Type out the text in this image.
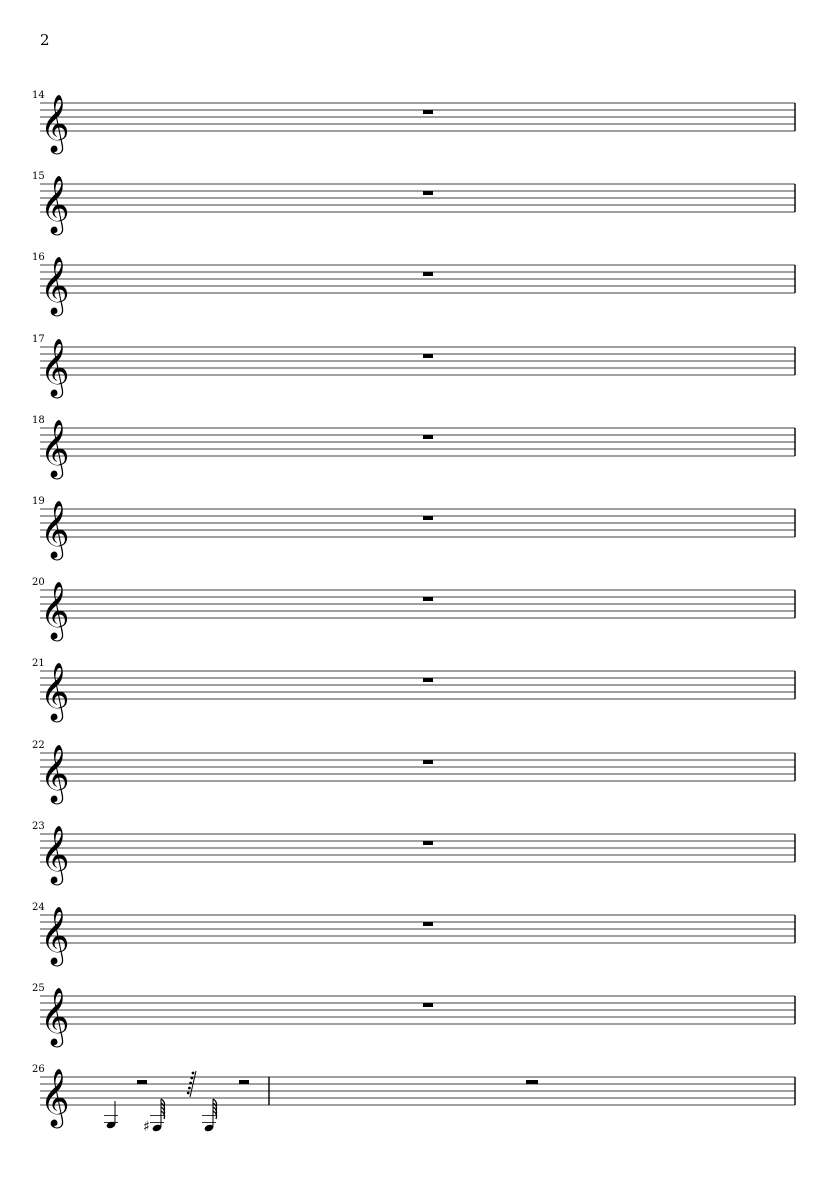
2
14
𝄞
15
𝄞
16
𝄞
17
𝄞
18
𝄞
19
𝄞
20
𝄞
21
𝄞
22
𝄞
23
𝄞
24
𝄞
25
𝄞
26
𝄞
♯
